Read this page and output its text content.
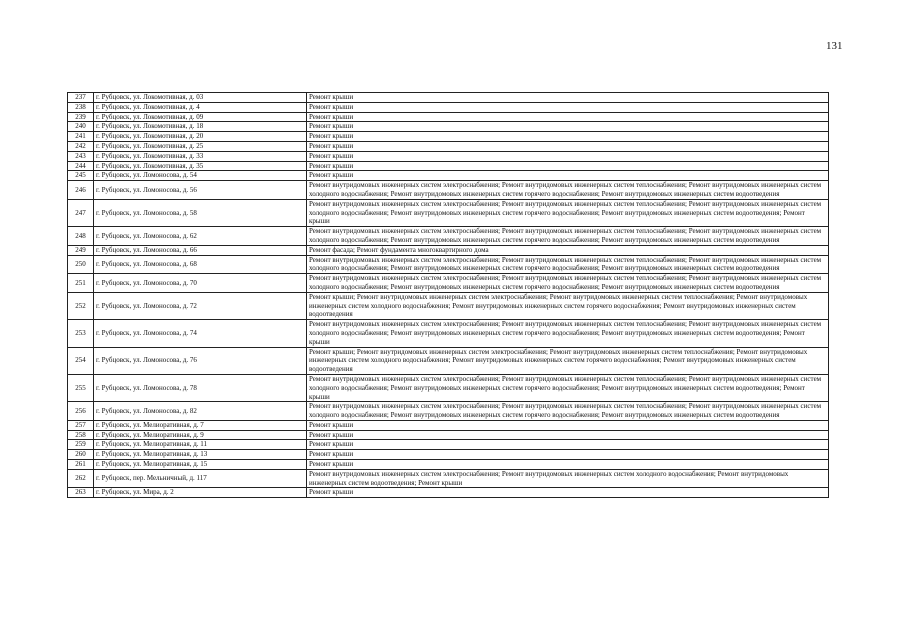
131
237	г. Рубцовск, ул. Локомотивная, д. 03	Ремонт крыши
238	г. Рубцовск, ул. Локомотивная, д. 4	Ремонт крыши
239	г. Рубцовск, ул. Локомотивная, д. 09	Ремонт крыши
240	г. Рубцовск, ул. Локомотивная, д. 18	Ремонт крыши
241	г. Рубцовск, ул. Локомотивная, д. 20	Ремонт крыши
242	г. Рубцовск, ул. Локомотивная, д. 25	Ремонт крыши
243	г. Рубцовск, ул. Локомотивная, д. 33	Ремонт крыши
244	г. Рубцовск, ул. Локомотивная, д. 35	Ремонт крыши
245	г. Рубцовск, ул. Ломоносова, д. 54	Ремонт крыши
246	г. Рубцовск, ул. Ломоносова, д. 56	Ремонт внутридомовых инженерных систем электроснабжения; Ремонт внутридомовых инженерных систем теплоснабжения; Ремонт внутридомовых инженерных систем холодного водоснабжения; Ремонт внутридомовых инженерных систем горячего водоснабжения; Ремонт внутридомовых инженерных систем водоотведения
247	г. Рубцовск, ул. Ломоносова, д. 58	Ремонт внутридомовых инженерных систем электроснабжения; Ремонт внутридомовых инженерных систем теплоснабжения; Ремонт внутридомовых инженерных систем холодного водоснабжения; Ремонт внутридомовых инженерных систем горячего водоснабжения; Ремонт внутридомовых инженерных систем водоотведения; Ремонт крыши
248	г. Рубцовск, ул. Ломоносова, д. 62	Ремонт внутридомовых инженерных систем электроснабжения; Ремонт внутридомовых инженерных систем теплоснабжения; Ремонт внутридомовых инженерных систем холодного водоснабжения; Ремонт внутридомовых инженерных систем горячего водоснабжения; Ремонт внутридомовых инженерных систем водоотведения
249	г. Рубцовск, ул. Ломоносова, д. 66	Ремонт фасада; Ремонт фундамента многоквартирного дома
250	г. Рубцовск, ул. Ломоносова, д. 68	Ремонт внутридомовых инженерных систем электроснабжения; Ремонт внутридомовых инженерных систем теплоснабжения; Ремонт внутридомовых инженерных систем холодного водоснабжения; Ремонт внутридомовых инженерных систем горячего водоснабжения; Ремонт внутридомовых инженерных систем водоотведения
251	г. Рубцовск, ул. Ломоносова, д. 70	Ремонт внутридомовых инженерных систем электроснабжения; Ремонт внутридомовых инженерных систем теплоснабжения; Ремонт внутридомовых инженерных систем холодного водоснабжения; Ремонт внутридомовых инженерных систем горячего водоснабжения; Ремонт внутридомовых инженерных систем водоотведения
252	г. Рубцовск, ул. Ломоносова, д. 72	Ремонт крыши; Ремонт внутридомовых инженерных систем электроснабжения; Ремонт внутридомовых инженерных систем теплоснабжения; Ремонт внутридомовых инженерных систем холодного водоснабжения; Ремонт внутридомовых инженерных систем горячего водоснабжения; Ремонт внутридомовых инженерных систем водоотведения
253	г. Рубцовск, ул. Ломоносова, д. 74	Ремонт внутридомовых инженерных систем электроснабжения; Ремонт внутридомовых инженерных систем теплоснабжения; Ремонт внутридомовых инженерных систем холодного водоснабжения; Ремонт внутридомовых инженерных систем горячего водоснабжения; Ремонт внутридомовых инженерных систем водоотведения; Ремонт крыши
254	г. Рубцовск, ул. Ломоносова, д. 76	Ремонт крыши; Ремонт внутридомовых инженерных систем электроснабжения; Ремонт внутридомовых инженерных систем теплоснабжения; Ремонт внутридомовых инженерных систем холодного водоснабжения; Ремонт внутридомовых инженерных систем горячего водоснабжения; Ремонт внутридомовых инженерных систем водоотведения
255	г. Рубцовск, ул. Ломоносова, д. 78	Ремонт внутридомовых инженерных систем электроснабжения; Ремонт внутридомовых инженерных систем теплоснабжения; Ремонт внутридомовых инженерных систем холодного водоснабжения; Ремонт внутридомовых инженерных систем горячего водоснабжения; Ремонт внутридомовых инженерных систем водоотведения; Ремонт крыши
256	г. Рубцовск, ул. Ломоносова, д. 82	Ремонт внутридомовых инженерных систем электроснабжения; Ремонт внутридомовых инженерных систем теплоснабжения; Ремонт внутридомовых инженерных систем холодного водоснабжения; Ремонт внутридомовых инженерных систем горячего водоснабжения; Ремонт внутридомовых инженерных систем водоотведения
257	г. Рубцовск, ул. Мелиоративная, д. 7	Ремонт крыши
258	г. Рубцовск, ул. Мелиоративная, д. 9	Ремонт крыши
259	г. Рубцовск, ул. Мелиоративная, д. 11	Ремонт крыши
260	г. Рубцовск, ул. Мелиоративная, д. 13	Ремонт крыши
261	г. Рубцовск, ул. Мелиоративная, д. 15	Ремонт крыши
262	г. Рубцовск, пер. Мельничный, д. 117	Ремонт внутридомовых инженерных систем электроснабжения; Ремонт внутридомовых инженерных систем холодного водоснабжения; Ремонт внутридомовых инженерных систем водоотведения; Ремонт крыши
263	г. Рубцовск, ул. Мира, д. 2	Ремонт крыши
